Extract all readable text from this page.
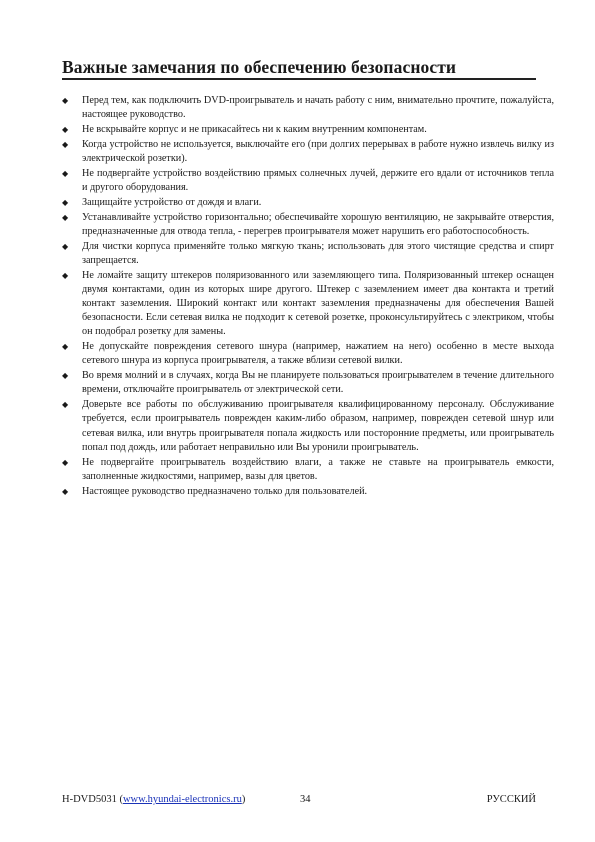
Важные замечания по обеспечению безопасности
◆ Перед тем, как подключить DVD-проигрыватель и начать работу с ним, внимательно прочтите, пожалуйста, настоящее руководство.
◆ Не вскрывайте корпус и не прикасайтесь ни к каким внутренним компонентам.
◆ Когда устройство не используется, выключайте его (при долгих перерывах в работе нужно извлечь вилку из электрической розетки).
◆ Не подвергайте устройство воздействию прямых солнечных лучей, держите его вдали от источников тепла и другого оборудования.
◆ Защищайте устройство от дождя и влаги.
◆ Устанавливайте устройство горизонтально; обеспечивайте хорошую вентиляцию, не закрывайте отверстия, предназначенные для отвода тепла, - перегрев проигрывателя может нарушить его работоспособность.
◆ Для чистки корпуса применяйте только мягкую ткань; использовать для этого чистящие средства и спирт запрещается.
◆ Не ломайте защиту штекеров поляризованного или заземляющего типа. Поляризованный штекер оснащен двумя контактами, один из которых шире другого. Штекер с заземлением имеет два контакта и третий контакт заземления. Широкий контакт или контакт заземления предназначены для обеспечения Вашей безопасности. Если сетевая вилка не подходит к сетевой розетке, проконсультируйтесь с электриком, чтобы он подобрал розетку для замены.
◆ Не допускайте повреждения сетевого шнура (например, нажатием на него) особенно в месте выхода сетевого шнура из корпуса проигрывателя, а также вблизи сетевой вилки.
◆ Во время молний и в случаях, когда Вы не планируете пользоваться проигрывателем в течение длительного времени, отключайте проигрыватель от электрической сети.
◆ Доверьте все работы по обслуживанию проигрывателя квалифицированному персоналу. Обслуживание требуется, если проигрыватель поврежден каким-либо образом, например, поврежден сетевой шнур или сетевая вилка, или внутрь проигрывателя попала жидкость или посторонние предметы, или проигрыватель попал под дождь, или работает неправильно или Вы уронили проигрыватель.
◆ Не подвергайте проигрыватель воздействию влаги, а также не ставьте на проигрыватель емкости, заполненные жидкостями, например, вазы для цветов.
◆ Настоящее руководство предназначено только для пользователей.
H-DVD5031 (www.hyundai-electronics.ru)	34	РУССКИЙ
